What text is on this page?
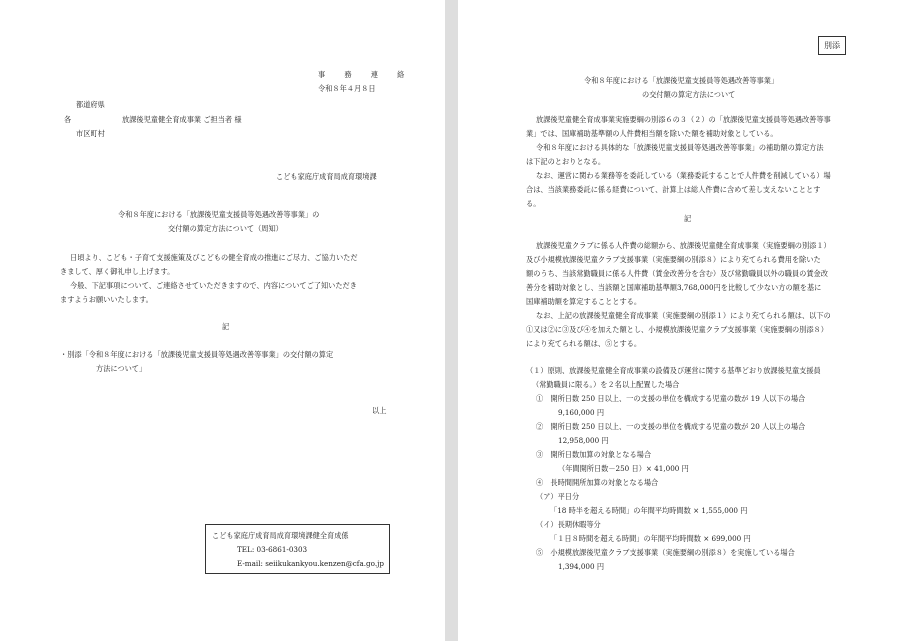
事　務　連　絡
令和８年４月８日
都道府県
各	放課後児童健全育成事業 ご担当者 様
市区町村
こども家庭庁成育局成育環境課
令和８年度における「放課後児童支援員等処遇改善等事業」の
交付額の算定方法について（周知）
日頃より、こども・子育て支援施策及びこどもの健全育成の推進にご尽力、ご協力いただ
きまして、厚く御礼申し上げます。
今般、下記事項について、ご連絡させていただきますので、内容についてご了知いただき
ますようお願いいたします。
記
・別添「令和８年度における「放課後児童支援員等処遇改善等事業」の交付額の算定
方法について」
以上
こども家庭庁成育局成育環境課健全育成係
TEL: 03-6861-0303
E-mail: seiikukankyou.kenzen@cfa.go.jp
別添
令和８年度における「放課後児童支援員等処遇改善等事業」
の交付額の算定方法について
放課後児童健全育成事業実施要綱の別添６の３（２）の「放課後児童支援員等処遇改善等事
業」では、国庫補助基準額の人件費相当額を除いた額を補助対象としている。
令和８年度における具体的な「放課後児童支援員等処遇改善等事業」の補助額の算定方法
は下記のとおりとなる。
なお、運営に関わる業務等を委託している（業務委託することで人件費を削減している）場
合は、当該業務委託に係る経費について、計算上は総人件費に含めて差し支えないこととす
る。
記
放課後児童クラブに係る人件費の総額から、放課後児童健全育成事業（実施要綱の別添１）
及び小規模放課後児童クラブ支援事業（実施要綱の別添８）により充てられる費用を除いた
額のうち、当該常勤職員に係る人件費（賃金改善分を含む）及び常勤職員以外の職員の賃金改
善分を補助対象とし、当該額と国庫補助基準額3,768,000円を比較して少ない方の額を基に
国庫補助額を算定することとする。
なお、上記の放課後児童健全育成事業（実施要綱の別添１）により充てられる額は、以下の
①又は②に③及び④を加えた額とし、小規模放課後児童クラブ支援事業（実施要綱の別添８）
により充てられる額は、⑤とする。
（１）原則、放課後児童健全育成事業の設備及び運営に関する基準どおり放課後児童支援員
（常勤職員に限る。）を２名以上配置した場合
①　開所日数 250 日以上、一の支援の単位を構成する児童の数が 19 人以下の場合
9,160,000 円
②　開所日数 250 日以上、一の支援の単位を構成する児童の数が 20 人以上の場合
12,958,000 円
③　開所日数加算の対象となる場合
（年間開所日数－250 日）× 41,000 円
④　長時間開所加算の対象となる場合
（ア）平日分
「18 時半を超える時間」の年間平均時間数 × 1,555,000 円
（イ）長期休暇等分
「１日８時間を超える時間」の年間平均時間数 × 699,000 円
⑤　小規模放課後児童クラブ支援事業（実施要綱の別添８）を実施している場合
1,394,000 円
